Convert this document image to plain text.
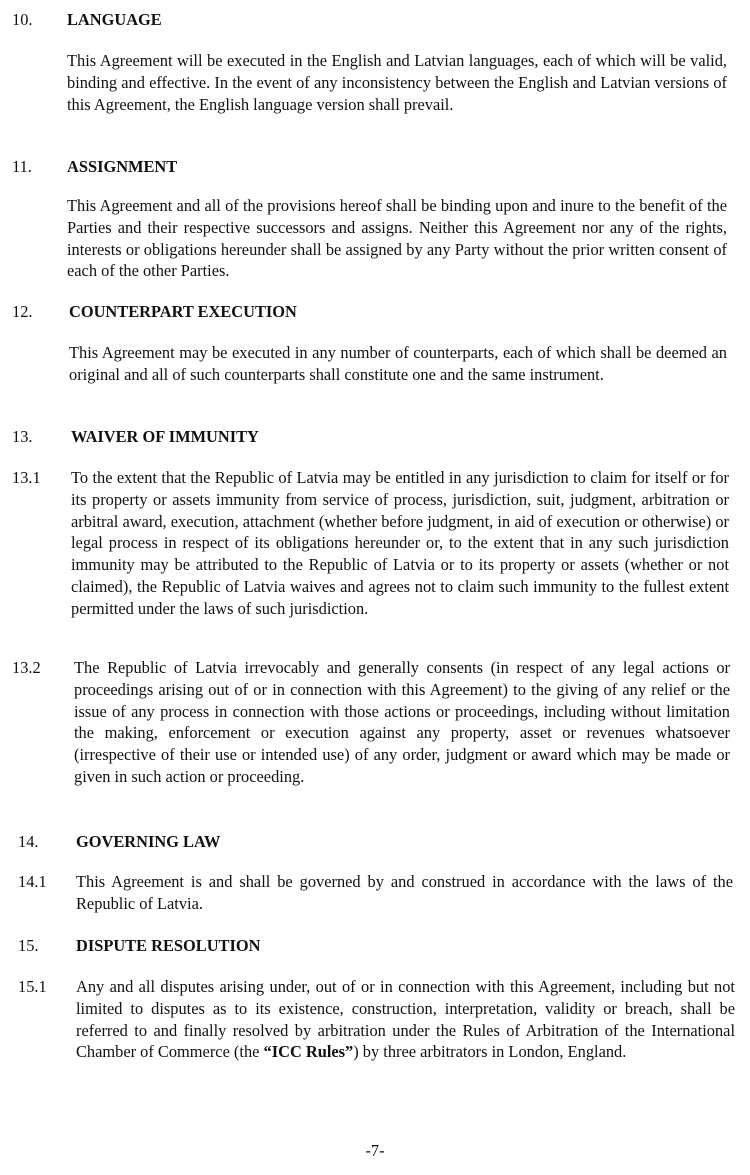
10. LANGUAGE
This Agreement will be executed in the English and Latvian languages, each of which will be valid, binding and effective. In the event of any inconsistency between the English and Latvian versions of this Agreement, the English language version shall prevail.
11. ASSIGNMENT
This Agreement and all of the provisions hereof shall be binding upon and inure to the benefit of the Parties and their respective successors and assigns. Neither this Agreement nor any of the rights, interests or obligations hereunder shall be assigned by any Party without the prior written consent of each of the other Parties.
12. COUNTERPART EXECUTION
This Agreement may be executed in any number of counterparts, each of which shall be deemed an original and all of such counterparts shall constitute one and the same instrument.
13. WAIVER OF IMMUNITY
13.1 To the extent that the Republic of Latvia may be entitled in any jurisdiction to claim for itself or for its property or assets immunity from service of process, jurisdiction, suit, judgment, arbitration or arbitral award, execution, attachment (whether before judgment, in aid of execution or otherwise) or legal process in respect of its obligations hereunder or, to the extent that in any such jurisdiction immunity may be attributed to the Republic of Latvia or to its property or assets (whether or not claimed), the Republic of Latvia waives and agrees not to claim such immunity to the fullest extent permitted under the laws of such jurisdiction.
13.2 The Republic of Latvia irrevocably and generally consents (in respect of any legal actions or proceedings arising out of or in connection with this Agreement) to the giving of any relief or the issue of any process in connection with those actions or proceedings, including without limitation the making, enforcement or execution against any property, asset or revenues whatsoever (irrespective of their use or intended use) of any order, judgment or award which may be made or given in such action or proceeding.
14. GOVERNING LAW
14.1 This Agreement is and shall be governed by and construed in accordance with the laws of the Republic of Latvia.
15. DISPUTE RESOLUTION
15.1 Any and all disputes arising under, out of or in connection with this Agreement, including but not limited to disputes as to its existence, construction, interpretation, validity or breach, shall be referred to and finally resolved by arbitration under the Rules of Arbitration of the International Chamber of Commerce (the “ICC Rules”) by three arbitrators in London, England.
-7-
